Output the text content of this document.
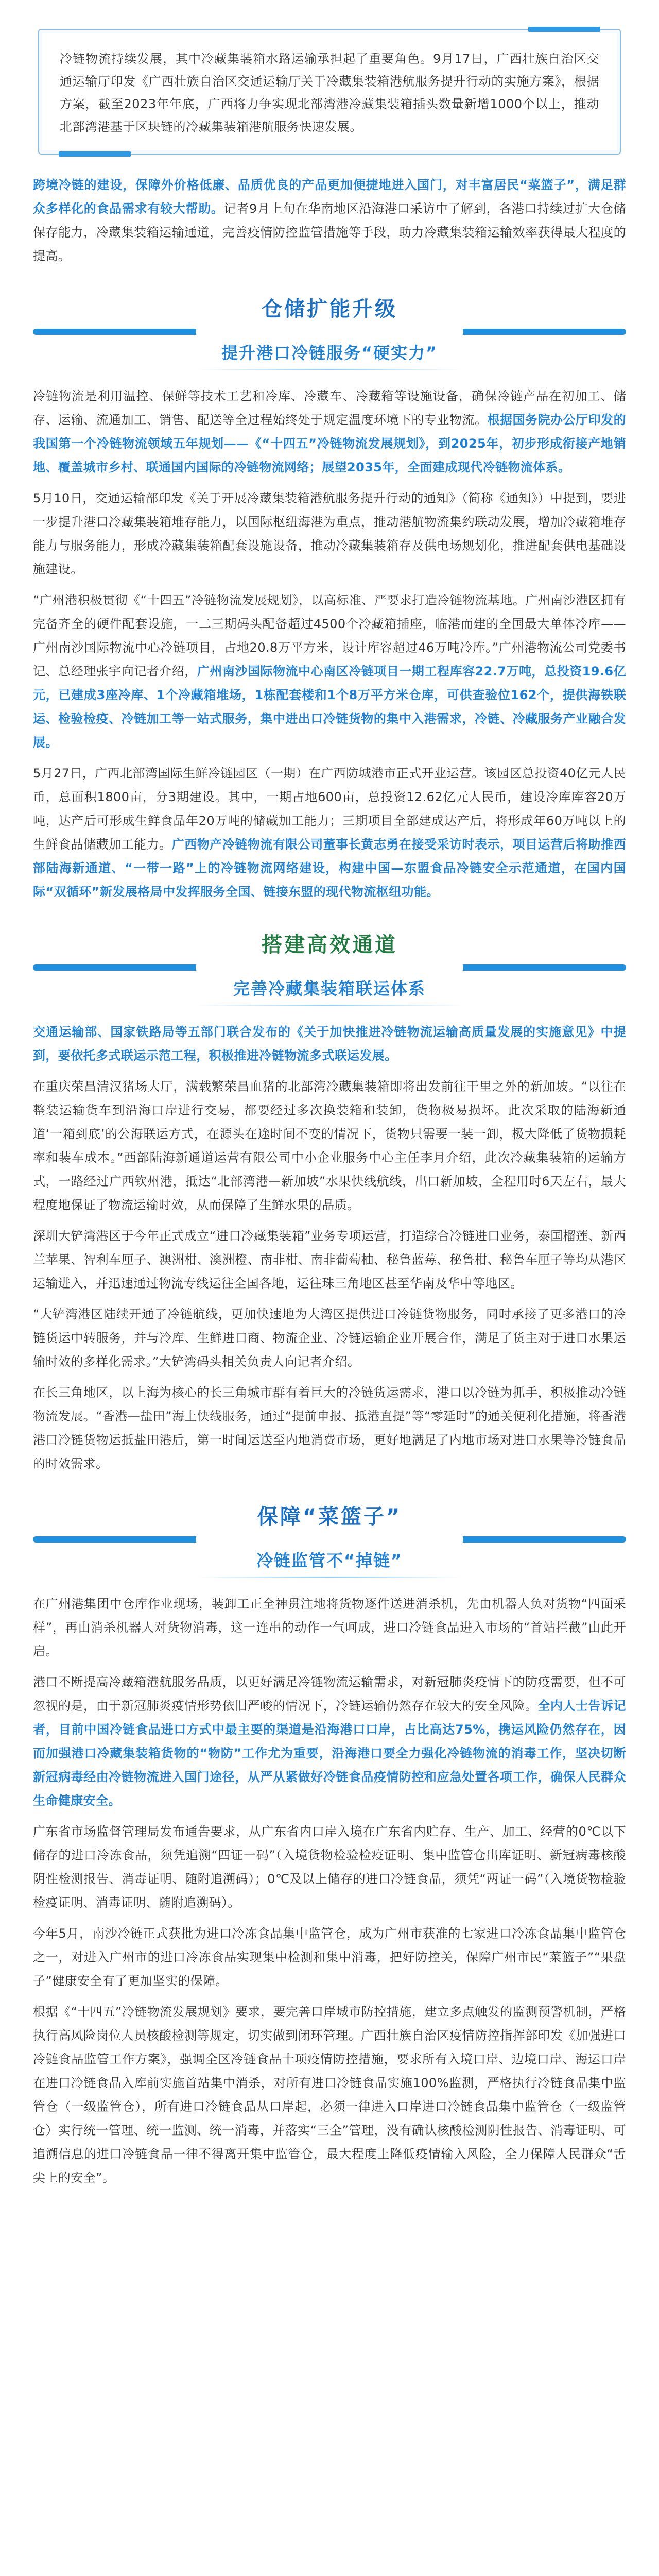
冷链物流持续发展，其中冷藏集装箱水路运输承担起了重要角色。9月17日，广西壮族自治区交通运输厅印发《广西壮族自治区交通运输厅关于冷藏集装箱港航服务提升行动的实施方案》，根据方案，截至2023年年底，广西将力争实现北部湾港冷藏集装箱插头数量新增1000个以上，推动北部湾港基于区块链的冷藏集装箱港航服务快速发展。

跨境冷链的建设，保障外价格低廉、品质优良的产品更加便捷地进入国门，对丰富居民“菜篮子”，满足群众多样化的食品需求有较大帮助。记者9月上旬在华南地区沿海港口采访中了解到，各港口持续过扩大仓储保存能力，冷藏集装箱运输通道，完善疫情防控监管措施等手段，助力冷藏集装箱运输效率获得最大程度的提高。

仓储扩能升级
提升港口冷链服务“硬实力”

冷链物流是利用温控、保鲜等技术工艺和冷库、冷藏车、冷藏箱等设施设备，确保冷链产品在初加工、储存、运输、流通加工、销售、配送等全过程始终处于规定温度环境下的专业物流。根据国务院办公厅印发的我国第一个冷链物流领域五年规划——《“十四五”冷链物流发展规划》，到2025年，初步形成衔接产地销地、覆盖城市乡村、联通国内国际的冷链物流网络；展望2035年，全面建成现代冷链物流体系。

5月10日，交通运输部印发《关于开展冷藏集装箱港航服务提升行动的通知》（简称《通知》）中提到，要进一步提升港口冷藏集装箱堆存能力，以国际枢纽海港为重点，推动港航物流集约联动发展，增加冷藏箱堆存能力与服务能力，形成冷藏集装箱配套设施设备，推动冷藏集装箱存及供电场规划化，推进配套供电基础设施建设。

“广州港积极贯彻《“十四五”冷链物流发展规划》，以高标准、严要求打造冷链物流基地。广州南沙港区拥有完备齐全的硬件配套设施，一二三期码头配备超过4500个冷藏箱插座，临港而建的全国最大单体冷库——广州南沙国际物流中心冷链项目，占地20.8万平方米，设计库容超过46万吨冷库。”广州港物流公司党委书记、总经理张宇向记者介绍，广州南沙国际物流中心南区冷链项目一期工程库容22.7万吨，总投资19.6亿元，已建成3座冷库、1个冷藏箱堆场，1栋配套楼和1个8万平方米仓库，可供查验位162个，提供海铁联运、检验检疫、冷链加工等一站式服务，集中进出口冷链货物的集中入港需求，冷链、冷藏服务产业融合发展。

5月27日，广西北部湾国际生鲜冷链园区（一期）在广西防城港市正式开业运营。该园区总投资40亿元人民币，总面积1800亩，分3期建设。其中，一期占地600亩，总投资12.62亿元人民币，建设冷库库容20万吨，达产后可形成生鲜食品年20万吨的储藏加工能力；三期项目全部建成达产后，将形成年60万吨以上的生鲜食品储藏加工能力。广西物产冷链物流有限公司董事长黄志勇在接受采访时表示，项目运营后将助推西部陆海新通道、“一带一路”上的冷链物流网络建设，构建中国—东盟食品冷链安全示范通道，在国内国际“双循环”新发展格局中发挥服务全国、链接东盟的现代物流枢纽功能。

搭建高效通道
完善冷藏集装箱联运体系

交通运输部、国家铁路局等五部门联合发布的《关于加快推进冷链物流运输高质量发展的实施意见》中提到，要依托多式联运示范工程，积极推进冷链物流多式联运发展。

在重庆荣昌清汉猪场大厅，满载繁荣昌血猪的北部湾冷藏集装箱即将出发前往干里之外的新加坡。“以往在整装运输货车到沿海口岸进行交易，都要经过多次换装箱和装卸，货物极易损坏。此次采取的陆海新通道‘一箱到底’的公海联运方式，在源头在途时间不变的情况下，货物只需要一装一卸，极大降低了货物损耗率和装车成本。”西部陆海新通道运营有限公司中小企业服务中心主任李月介绍，此次冷藏集装箱的运输方式，一路经过广西钦州港，抵达“北部湾港—新加坡”水果快线航线，出口新加坡，全程用时6天左右，最大程度地保证了物流运输时效，从而保障了生鲜水果的品质。

深圳大铲湾港区于今年正式成立“进口冷藏集装箱”业务专项运营，打造综合冷链进口业务，泰国榴莲、新西兰苹果、智利车厘子、澳洲柑、澳洲橙、南非柑、南非葡萄柚、秘鲁蓝莓、秘鲁柑、秘鲁车厘子等均从港区运输进入，并迅速通过物流专线运往全国各地，运往珠三角地区甚至华南及华中等地区。

“大铲湾港区陆续开通了冷链航线，更加快速地为大湾区提供进口冷链货物服务，同时承接了更多港口的冷链货运中转服务，并与冷库、生鲜进口商、物流企业、冷链运输企业开展合作，满足了货主对于进口水果运输时效的多样化需求。”大铲湾码头相关负责人向记者介绍。

在长三角地区，以上海为核心的长三角城市群有着巨大的冷链货运需求，港口以冷链为抓手，积极推动冷链物流发展。“香港—盐田”海上快线服务，通过“提前申报、抵港直提”等“零延时”的通关便利化措施，将香港港口冷链货物运抵盐田港后，第一时间运送至内地消费市场，更好地满足了内地市场对进口水果等冷链食品的时效需求。

保障“菜篮子”
冷链监管不“掉链”

在广州港集团中仓库作业现场，装卸工正全神贯注地将货物逐件送进消杀机，先由机器人负对货物“四面采样”，再由消杀机器人对货物消毒，这一连串的动作一气呵成，进口冷链食品进入市场的“首站拦截”由此开启。

港口不断提高冷藏箱港航服务品质，以更好满足冷链物流运输需求，对新冠肺炎疫情下的防疫需要，但不可忽视的是，由于新冠肺炎疫情形势依旧严峻的情况下，冷链运输仍然存在较大的安全风险。全内人士告诉记者，目前中国冷链食品进口方式中最主要的渠道是沿海港口口岸，占比高达75%，携运风险仍然存在，因而加强港口冷藏集装箱货物的“物防”工作尤为重要，沿海港口要全力强化冷链物流的消毒工作，坚决切断新冠病毒经由冷链物流进入国门途径，从严从紧做好冷链食品疫情防控和应急处置各项工作，确保人民群众生命健康安全。

广东省市场监督管理局发布通告要求，从广东省内口岸入境在广东省内贮存、生产、加工、经营的0℃以下储存的进口冷冻食品，须凭追溯“四证一码”（入境货物检验检疫证明、集中监管仓出库证明、新冠病毒核酸阴性检测报告、消毒证明、随附追溯码）；0℃及以上储存的进口冷链食品，须凭“两证一码”（入境货物检验检疫证明、消毒证明、随附追溯码）。

今年5月，南沙冷链正式获批为进口冷冻食品集中监管仓，成为广州市获准的七家进口冷冻食品集中监管仓之一，对进入广州市的进口冷冻食品实现集中检测和集中消毒，把好防控关，保障广州市民“菜篮子”“果盘子”健康安全有了更加坚实的保障。

根据《“十四五”冷链物流发展规划》要求，要完善口岸城市防控措施，建立多点触发的监测预警机制，严格执行高风险岗位人员核酸检测等规定，切实做到闭环管理。广西壮族自治区疫情防控指挥部印发《加强进口冷链食品监管工作方案》，强调全区冷链食品十项疫情防控措施，要求所有入境口岸、边境口岸、海运口岸在进口冷链食品入库前实施首站集中消杀，对所有进口冷链食品实施100%监测，严格执行冷链食品集中监管仓（一级监管仓），所有进口冷链食品从口岸起，必须一律进入口岸进口冷链食品集中监管仓（一级监管仓）实行统一管理、统一监测、统一消毒，并落实“三全”管理，没有确认核酸检测阴性报告、消毒证明、可追溯信息的进口冷链食品一律不得离开集中监管仓，最大程度上降低疫情输入风险，全力保障人民群众“舌尖上的安全”。
